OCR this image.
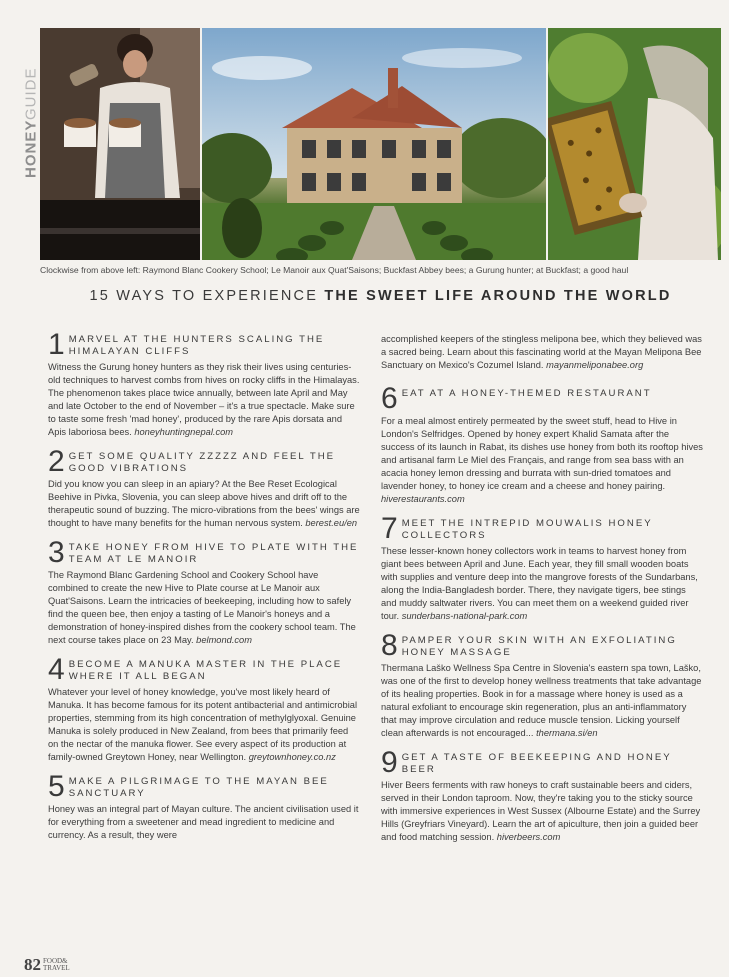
HONEY
GUIDE
Clockwise from above left: Raymond Blanc Cookery School; Le Manoir aux Quat'Saisons; Buckfast Abbey bees; a Gurung hunter; at Buckfast; a good haul
15 WAYS TO EXPERIENCE THE SWEET LIFE AROUND THE WORLD
1 MARVEL AT THE HUNTERS SCALING THE HIMALAYAN CLIFFS
Witness the Gurung honey hunters as they risk their lives using centuries-old techniques to harvest combs from hives on rocky cliffs in the Himalayas. The phenomenon takes place twice annually, between late April and May and late October to the end of November – it's a true spectacle. Make sure to taste some fresh 'mad honey', produced by the rare Apis dorsata and Apis laboriosa bees. honeyhuntingnepal.com
2 GET SOME QUALITY ZZZZZ AND FEEL THE GOOD VIBRATIONS
Did you know you can sleep in an apiary? At the Bee Reset Ecological Beehive in Pivka, Slovenia, you can sleep above hives and drift off to the therapeutic sound of buzzing. The micro-vibrations from the bees' wings are thought to have many benefits for the human nervous system. berest.eu/en
3 TAKE HONEY FROM HIVE TO PLATE WITH THE TEAM AT LE MANOIR
The Raymond Blanc Gardening School and Cookery School have combined to create the new Hive to Plate course at Le Manoir aux Quat'Saisons. Learn the intricacies of beekeeping, including how to safely find the queen bee, then enjoy a tasting of Le Manoir's honeys and a demonstration of honey-inspired dishes from the cookery school team. The next course takes place on 23 May. belmond.com
4 BECOME A MANUKA MASTER IN THE PLACE WHERE IT ALL BEGAN
Whatever your level of honey knowledge, you've most likely heard of Manuka. It has become famous for its potent antibacterial and antimicrobial properties, stemming from its high concentration of methylglyoxal. Genuine Manuka is solely produced in New Zealand, from bees that primarily feed on the nectar of the manuka flower. See every aspect of its production at family-owned Greytown Honey, near Wellington. greytownhoney.co.nz
5 MAKE A PILGRIMAGE TO THE MAYAN BEE SANCTUARY
Honey was an integral part of Mayan culture. The ancient civilisation used it for everything from a sweetener and mead ingredient to medicine and currency. As a result, they were
accomplished keepers of the stingless melipona bee, which they believed was a sacred being. Learn about this fascinating world at the Mayan Melipona Bee Sanctuary on Mexico's Cozumel Island. mayanmeliponabee.org
6 EAT AT A HONEY-THEMED RESTAURANT
For a meal almost entirely permeated by the sweet stuff, head to Hive in London's Selfridges. Opened by honey expert Khalid Samata after the success of its launch in Rabat, its dishes use honey from both its rooftop hives and artisanal farm Le Miel des Français, and range from sea bass with an acacia honey lemon dressing and burrata with sun-dried tomatoes and lavender honey, to honey ice cream and a cheese and honey pairing. hiverestaurants.com
7 MEET THE INTREPID MOUWALIS HONEY COLLECTORS
These lesser-known honey collectors work in teams to harvest honey from giant bees between April and June. Each year, they fill small wooden boats with supplies and venture deep into the mangrove forests of the Sundarbans, along the India-Bangladesh border. There, they navigate tigers, bee stings and muddy saltwater rivers. You can meet them on a weekend guided river tour. sunderbans-national-park.com
8 PAMPER YOUR SKIN WITH AN EXFOLIATING HONEY MASSAGE
Thermana Laško Wellness Spa Centre in Slovenia's eastern spa town, Laško, was one of the first to develop honey wellness treatments that take advantage of its healing properties. Book in for a massage where honey is used as a natural exfoliant to encourage skin regeneration, plus an anti-inflammatory that may improve circulation and reduce muscle tension. Licking yourself clean afterwards is not encouraged... thermana.si/en
9 GET A TASTE OF BEEKEEPING AND HONEY BEER
Hiver Beers ferments with raw honeys to craft sustainable beers and ciders, served in their London taproom. Now, they're taking you to the sticky source with immersive experiences in West Sussex (Albourne Estate) and the Surrey Hills (Greyfriars Vineyard). Learn the art of apiculture, then join a guided beer and food matching session. hiverbeers.com
82 FOOD&
TRAVEL
